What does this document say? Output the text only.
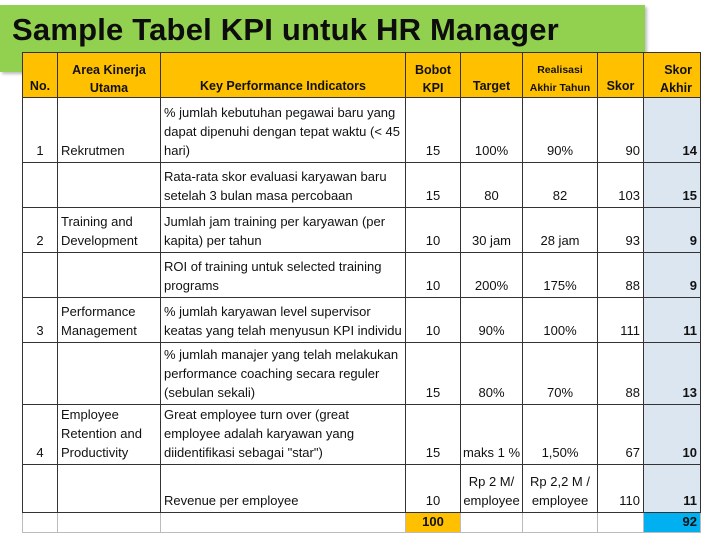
Sample Tabel KPI untuk HR Manager
No.	Area Kinerja Utama	Key Performance Indicators	Bobot KPI	Target	Realisasi Akhir Tahun	Skor	Skor Akhir
1	Rekrutmen	% jumlah kebutuhan pegawai baru yang dapat dipenuhi dengan tepat waktu (< 45 hari)	15	100%	90%	90	14
		Rata-rata skor evaluasi karyawan baru setelah 3 bulan masa percobaan	15	80	82	103	15
2	Training and Development	Jumlah jam training per karyawan (per kapita) per tahun	10	30 jam	28 jam	93	9
		ROI of training untuk selected training programs	10	200%	175%	88	9
3	Performance Management	% jumlah karyawan level supervisor keatas yang telah menyusun KPI individu	10	90%	100%	111	11
		% jumlah manajer yang telah melakukan performance coaching secara reguler (sebulan sekali)	15	80%	70%	88	13
4	Employee Retention and Productivity	Great employee turn over (great employee adalah karyawan yang diidentifikasi sebagai "star")	15	maks 1 %	1,50%	67	10
		Revenue per employee	10	Rp 2 M/ employee	Rp 2,2 M / employee	110	11
			100				92
